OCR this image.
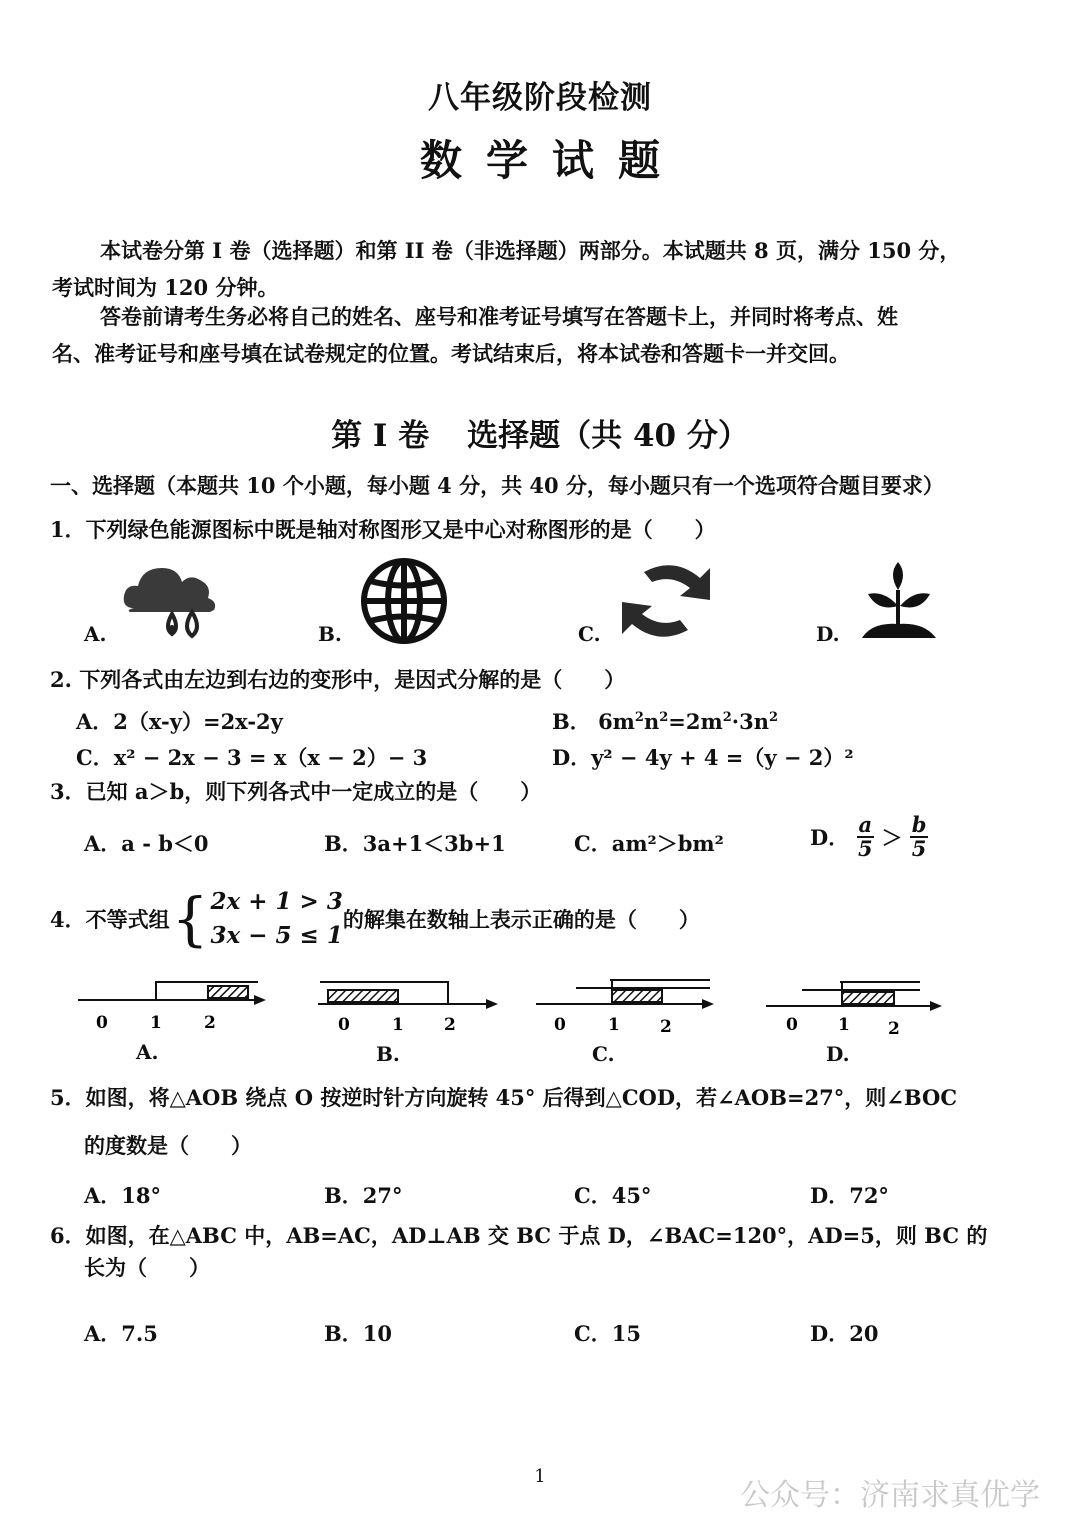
八年级阶段检测
数学试题
本试卷分第 I 卷（选择题）和第 II 卷（非选择题）两部分。本试题共 8 页，满分 150 分，
考试时间为 120 分钟。
答卷前请考生务必将自己的姓名、座号和准考证号填写在答题卡上，并同时将考点、姓
名、准考证号和座号填在试卷规定的位置。考试结束后，将本试卷和答题卡一并交回。
第 I 卷 选择题（共 40 分）
一、选择题（本题共 10 个小题，每小题 4 分，共 40 分，每小题只有一个选项符合题目要求）
1．下列绿色能源图标中既是轴对称图形又是中心对称图形的是（　　）
A.	B.	C.	D.
2. 下列各式由左边到右边的变形中，是因式分解的是（　　）
A．2（x-y）=2x-2y	B． $6m^2n^2=2m^2\cdot 3n^2$
C．x² − 2x − 3 = x（x − 2）− 3	D．y² − 4y + 4 =（y − 2）²
3．已知 a＞b，则下列各式中一定成立的是（　　）
A．a - b＜0	B．3a+1＜3b+1	C．am²＞bm²	D． $\frac{a}{5} > \frac{b}{5}$
4．不等式组 { 2x + 1 > 3
3x − 5 ≤ 1
的解集在数轴上表示正确的是（　　）
0 1 2	0 1 2	0 1 2	0 1 2
A.	B.	C.	D.
5．如图，将△AOB 绕点 O 按逆时针方向旋转 45° 后得到△COD，若∠AOB=27°，则∠BOC
的度数是（　　）
A．18°	B．27°	C．45°	D．72°
6．如图，在△ABC 中，AB=AC，AD⊥AB 交 BC 于点 D，∠BAC=120°，AD=5，则 BC 的
长为（　　）
A．7.5	B．10	C．15	D．20
1
公众号：济南求真优学
